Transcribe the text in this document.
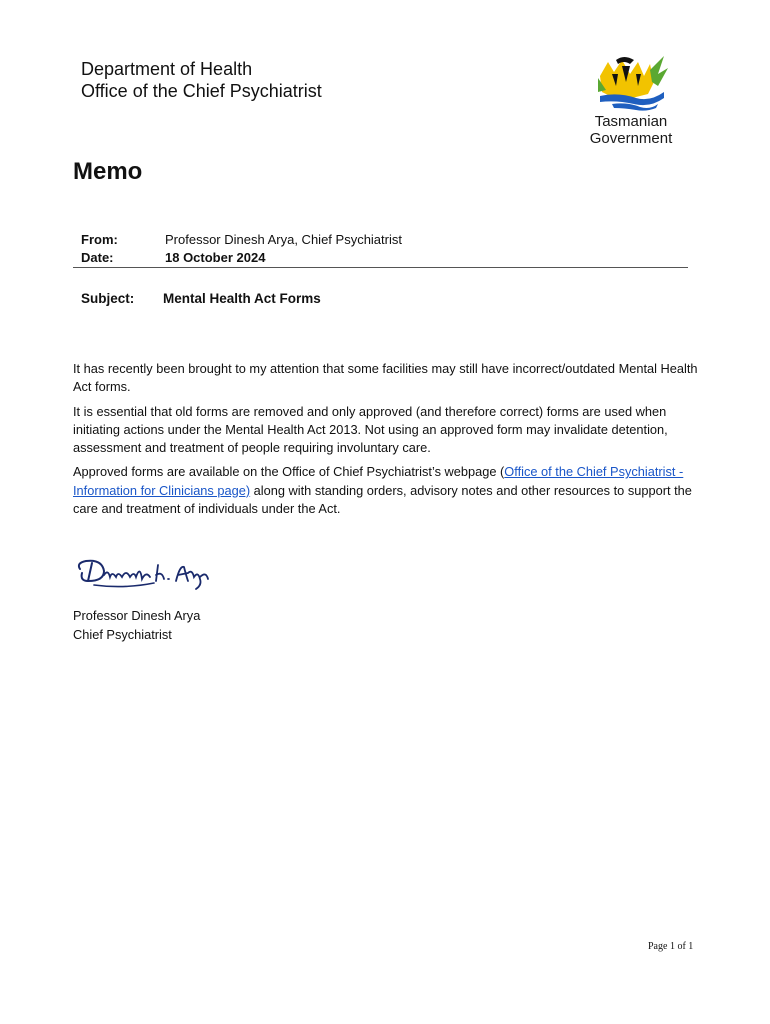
Department of Health
Office of the Chief Psychiatrist
Tasmanian
Government
Memo
From:	Professor Dinesh Arya, Chief Psychiatrist
Date:	18 October 2024
Subject:	Mental Health Act Forms

It has recently been brought to my attention that some facilities may still have incorrect/outdated Mental Health Act forms.

It is essential that old forms are removed and only approved (and therefore correct) forms are used when initiating actions under the Mental Health Act 2013. Not using an approved form may invalidate detention, assessment and treatment of people requiring involuntary care.

Approved forms are available on the Office of Chief Psychiatrist’s webpage (Office of the Chief Psychiatrist - Information for Clinicians page) along with standing orders, advisory notes and other resources to support the care and treatment of individuals under the Act.

Professor Dinesh Arya
Chief Psychiatrist
Page 1 of 1
